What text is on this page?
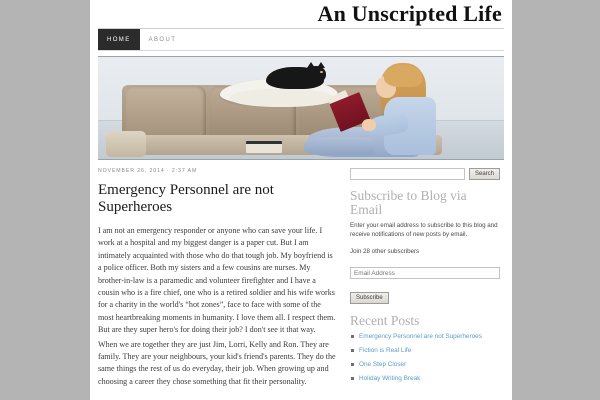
An Unscripted Life
HOME	ABOUT
NOVEMBER 26, 2014 · 2:37 AM
Emergency Personnel are not Superheroes

I am not an emergency responder or anyone who can save your life. I work at a hospital and my biggest danger is a paper cut. But I am intimately acquainted with those who do that tough job. My boyfriend is a police officer. Both my sisters and a few cousins are nurses. My brother-in-law is a paramedic and volunteer firefighter and I have a cousin who is a fire chief, one who is a retired soldier and his wife works for a charity in the world's “hot zones”, face to face with some of the most heartbreaking moments in humanity. I love them all. I respect them. But are they super hero's for doing their job? I don't see it that way.

When we are together they are just Jim, Lorri, Kelly and Ron. They are family. They are your neighbours, your kid's friend's parents. They do the same things the rest of us do everyday, their job. When growing up and choosing a career they chose something that fit their personality.

Search
Subscribe to Blog via Email

Enter your email address to subscribe to this blog and receive notifications of new posts by email.

Join 28 other subscribers

Email Address Subscribe
Recent Posts
Emergency Personnel are not Superheroes
Fiction is Real Life
One Step Closer
Holiday Writing Break
